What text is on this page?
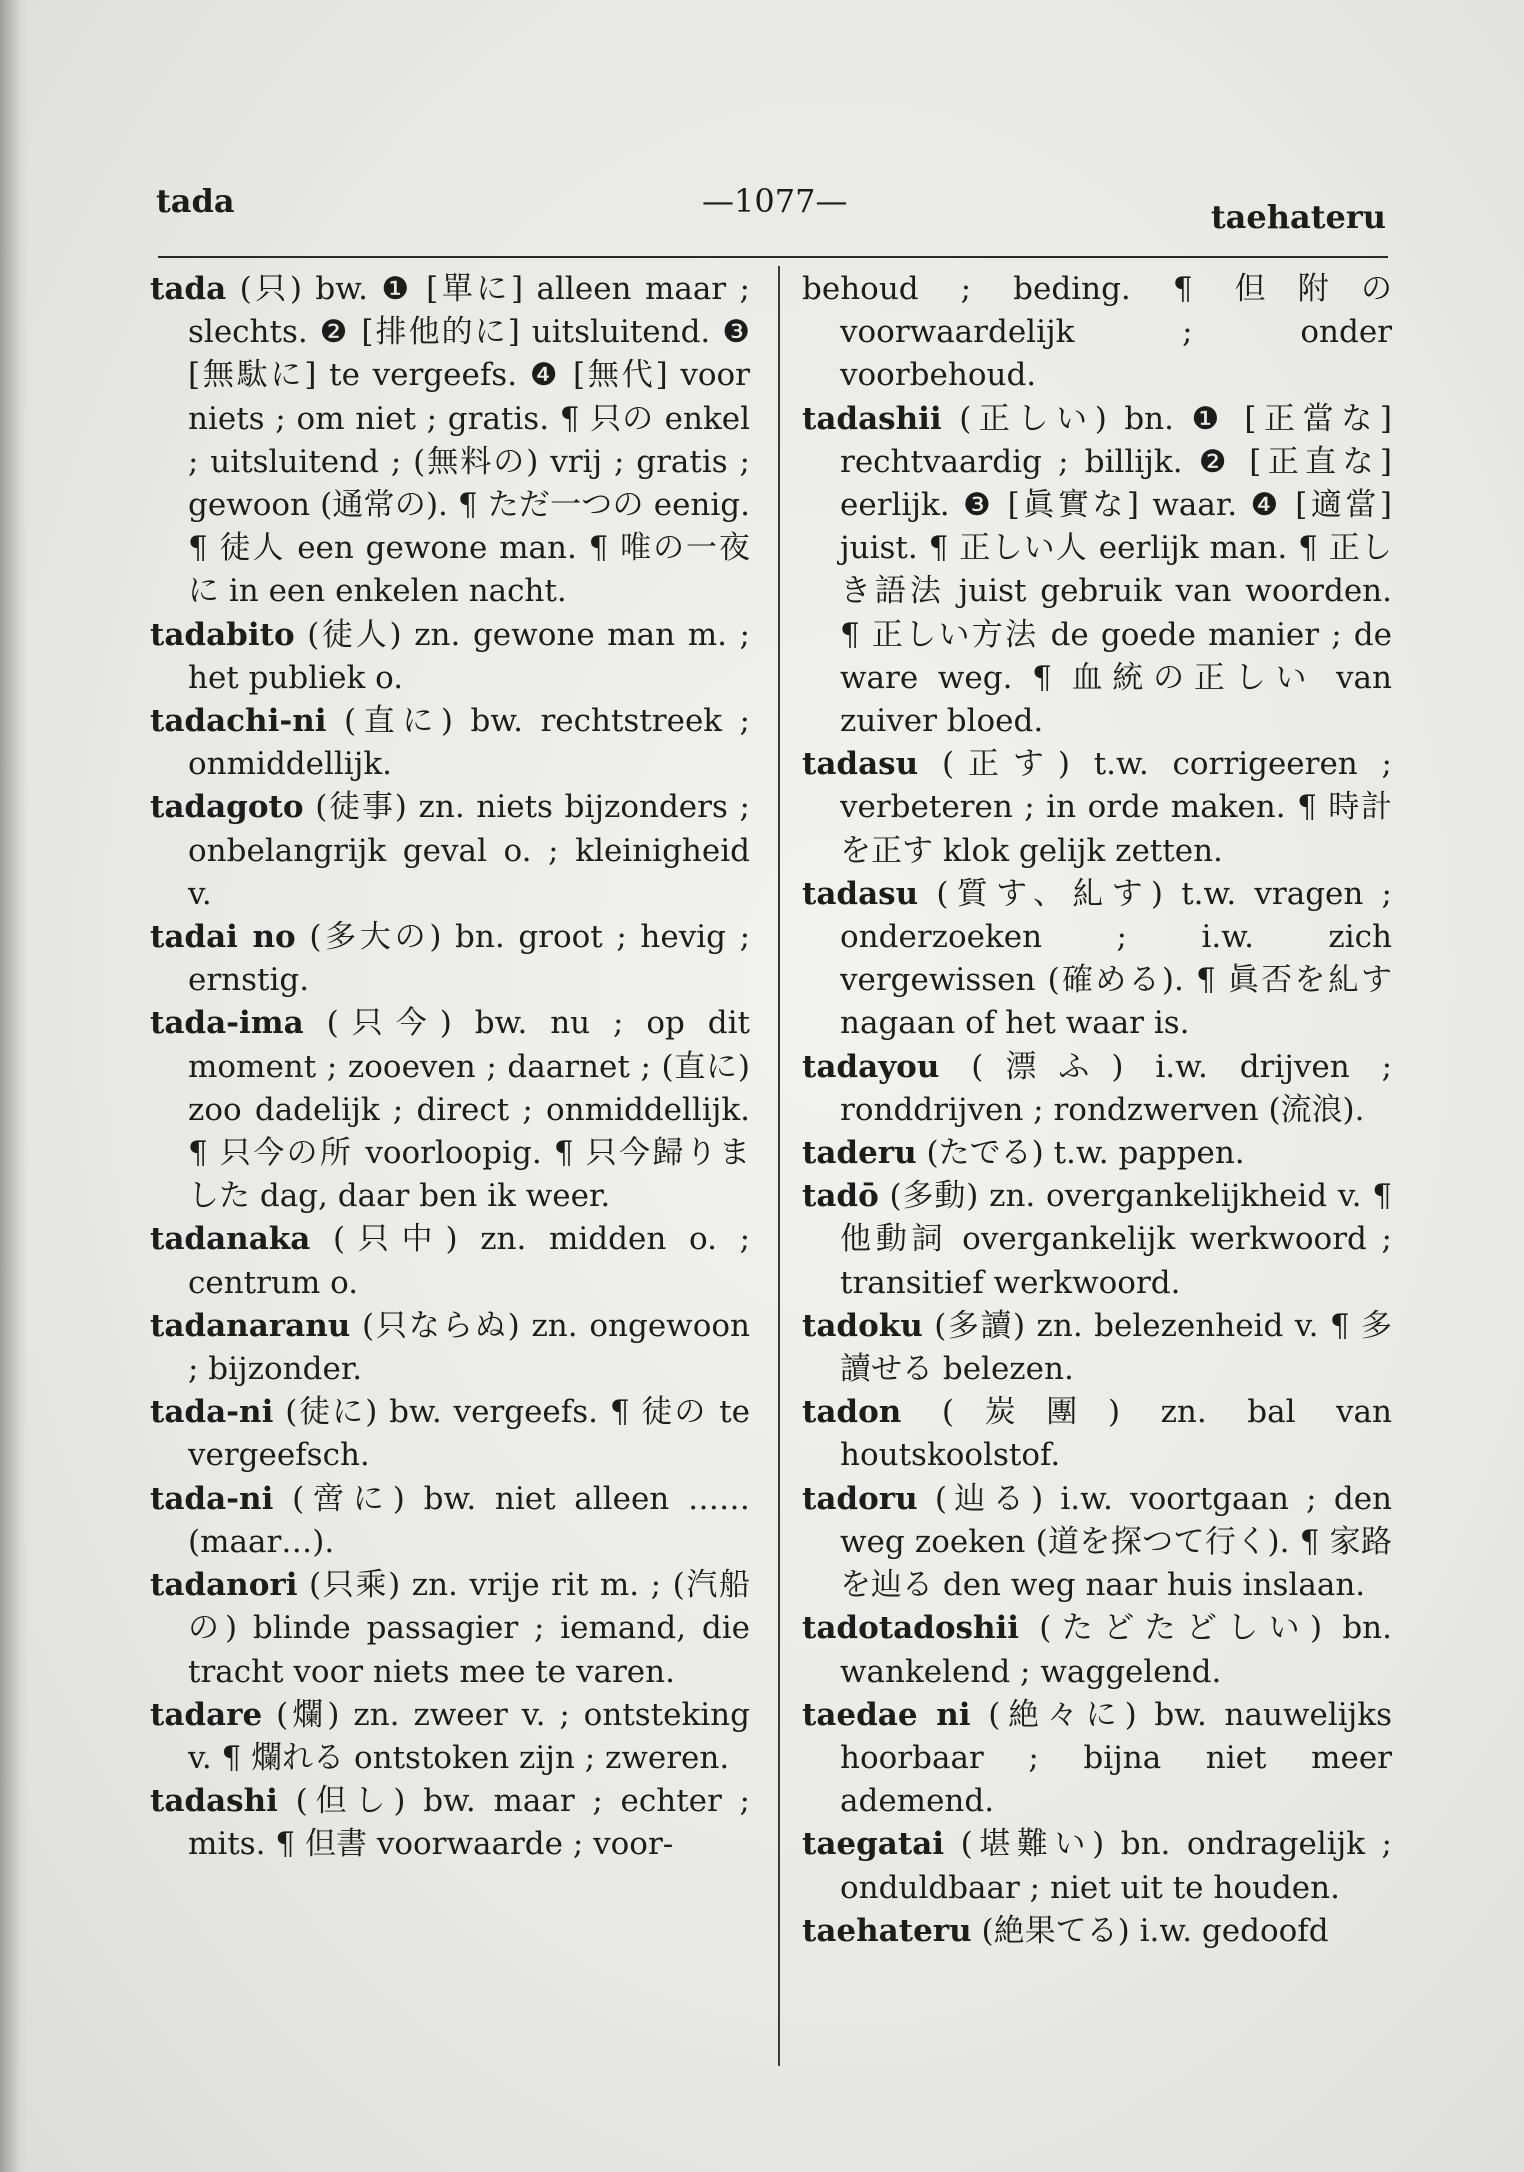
tada	—1077—	taehateru

tada (只) bw. ❶ [單に] alleen maar ; slechts. ❷ [排他的に] uitsluitend. ❸ [無駄に] te vergeefs. ❹ [無代] voor niets ; om niet ; gratis. ¶ 只の enkel ; uitsluitend ; (無料の) vrij ; gratis ; gewoon (通常の). ¶ ただ一つの eenig. ¶ 徒人 een gewone man. ¶ 唯の一夜に in een enkelen nacht.

tadabito (徒人) zn. gewone man m. ; het publiek o.

tadachi-ni (直に) bw. rechtstreek ; onmiddellijk.

tadagoto (徒事) zn. niets bijzonders ; onbelangrijk geval o. ; kleinigheid v.

tadai no (多大の) bn. groot ; hevig ; ernstig.

tada-ima (只今) bw. nu ; op dit moment ; zooeven ; daarnet ; (直に) zoo dadelijk ; direct ; onmiddellijk. ¶ 只今の所 voorloopig. ¶ 只今歸りました dag, daar ben ik weer.

tadanaka (只中) zn. midden o. ; centrum o.

tadanaranu (只ならぬ) zn. ongewoon ; bijzonder.

tada-ni (徒に) bw. vergeefs. ¶ 徒の te vergeefsch.

tada-ni (啻に) bw. niet alleen ……(maar…).

tadanori (只乘) zn. vrije rit m. ; (汽船の) blinde passagier ; iemand, die tracht voor niets mee te varen.

tadare (爛) zn. zweer v. ; ontsteking v. ¶ 爛れる ontstoken zijn ; zweren.

tadashi (但し) bw. maar ; echter ; mits. ¶ 但書 voorwaarde ; voor-

behoud ; beding. ¶ 但附の voorwaardelijk ; onder voorbehoud.

tadashii (正しい) bn. ❶ [正當な] rechtvaardig ; billijk. ❷ [正直な] eerlijk. ❸ [眞實な] waar. ❹ [適當] juist. ¶ 正しい人 eerlijk man. ¶ 正しき語法 juist gebruik van woorden. ¶ 正しい方法 de goede manier ; de ware weg. ¶ 血統の正しい van zuiver bloed.

tadasu (正す) t.w. corrigeeren ; verbeteren ; in orde maken. ¶ 時計を正す klok gelijk zetten.

tadasu (質す、糺す) t.w. vragen ; onderzoeken ; i.w. zich vergewissen (確める). ¶ 眞否を糺す nagaan of het waar is.

tadayou (漂ふ) i.w. drijven ; ronddrijven ; rondzwerven (流浪).

taderu (たでる) t.w. pappen.

tadō (多動) zn. overgankelijkheid v. ¶ 他動詞 overgankelijk werkwoord ; transitief werkwoord.

tadoku (多讀) zn. belezenheid v. ¶ 多讀せる belezen.

tadon (炭團) zn. bal van houtskoolstof.

tadoru (辿る) i.w. voortgaan ; den weg zoeken (道を探つて行く). ¶ 家路を辿る den weg naar huis inslaan.

tadotadoshii (たどたどしい) bn. wankelend ; waggelend.

taedae ni (絶々に) bw. nauwelijks hoorbaar ; bijna niet meer ademend.

taegatai (堪難い) bn. ondragelijk ; onduldbaar ; niet uit te houden.

taehateru (絶果てる) i.w. gedoofd
